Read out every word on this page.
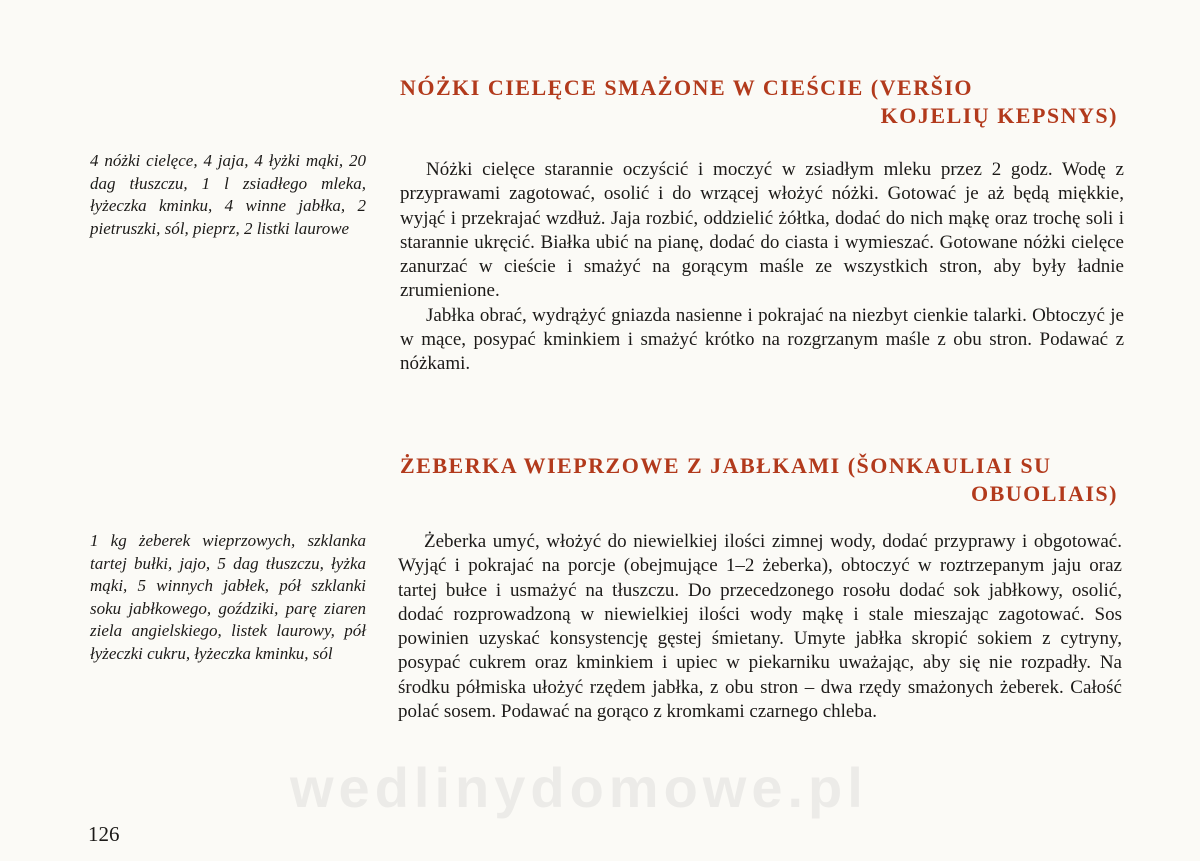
NÓŻKI CIELĘCE SMAŻONE W CIEŚCIE (VERŠIO
KOJELIŲ KEPSNYS)

4 nóżki cielęce, 4 jaja, 4 łyżki mąki, 20 dag tłuszczu, 1 l zsiadłego mleka, łyżeczka kminku, 4 winne jabłka, 2 pietruszki, sól, pieprz, 2 listki laurowe

Nóżki cielęce starannie oczyścić i moczyć w zsiadłym mleku przez 2 godz. Wodę z przyprawami zagotować, osolić i do wrzącej włożyć nóżki. Gotować je aż będą miękkie, wyjąć i przekrajać wzdłuż. Jaja rozbić, oddzielić żółtka, dodać do nich mąkę oraz trochę soli i starannie ukręcić. Białka ubić na pianę, dodać do ciasta i wymieszać. Gotowane nóżki cielęce zanurzać w cieście i smażyć na gorącym maśle ze wszystkich stron, aby były ładnie zrumienione.

Jabłka obrać, wydrążyć gniazda nasienne i pokrajać na niezbyt cienkie talarki. Obtoczyć je w mące, posypać kminkiem i smażyć krótko na rozgrzanym maśle z obu stron. Podawać z nóżkami.

ŻEBERKA WIEPRZOWE Z JABŁKAMI (ŠONKAULIAI SU
OBUOLIAIS)

1 kg żeberek wieprzowych, szklanka tartej bułki, jajo, 5 dag tłuszczu, łyżka mąki, 5 winnych jabłek, pół szklanki soku jabłkowego, goździki, parę ziaren ziela angielskiego, listek laurowy, pół łyżeczki cukru, łyżeczka kminku, sól

Żeberka umyć, włożyć do niewielkiej ilości zimnej wody, dodać przyprawy i obgotować. Wyjąć i pokrajać na porcje (obejmujące 1–2 żeberka), obtoczyć w roztrzepanym jaju oraz tartej bułce i usmażyć na tłuszczu. Do przecedzonego rosołu dodać sok jabłkowy, osolić, dodać rozprowadzoną w niewielkiej ilości wody mąkę i stale mieszając zagotować. Sos powinien uzyskać konsystencję gęstej śmietany. Umyte jabłka skropić sokiem z cytryny, posypać cukrem oraz kminkiem i upiec w piekarniku uważając, aby się nie rozpadły. Na środku półmiska ułożyć rzędem jabłka, z obu stron – dwa rzędy smażonych żeberek. Całość polać sosem. Podawać na gorąco z kromkami czarnego chleba.

wedlinydomowe.pl

126
